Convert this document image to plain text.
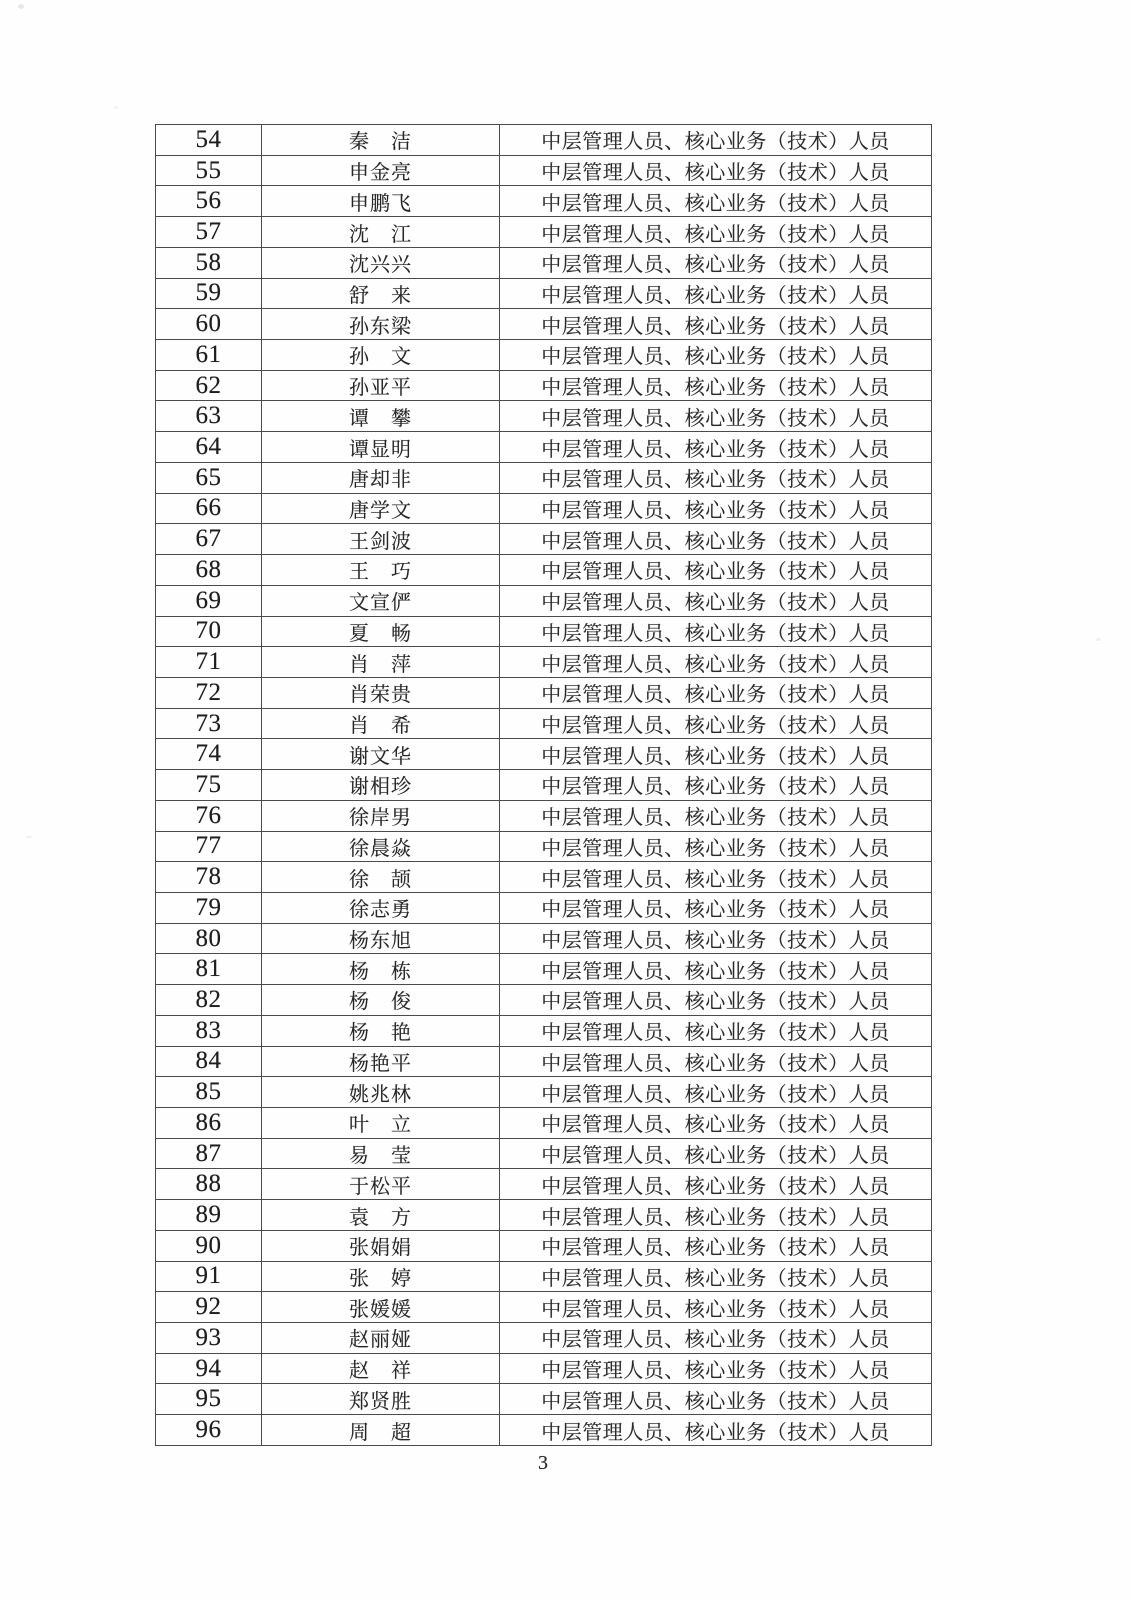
54	秦　洁	中层管理人员、核心业务（技术）人员
55	申金亮	中层管理人员、核心业务（技术）人员
56	申鹏飞	中层管理人员、核心业务（技术）人员
57	沈　江	中层管理人员、核心业务（技术）人员
58	沈兴兴	中层管理人员、核心业务（技术）人员
59	舒　来	中层管理人员、核心业务（技术）人员
60	孙东梁	中层管理人员、核心业务（技术）人员
61	孙　文	中层管理人员、核心业务（技术）人员
62	孙亚平	中层管理人员、核心业务（技术）人员
63	谭　攀	中层管理人员、核心业务（技术）人员
64	谭显明	中层管理人员、核心业务（技术）人员
65	唐却非	中层管理人员、核心业务（技术）人员
66	唐学文	中层管理人员、核心业务（技术）人员
67	王剑波	中层管理人员、核心业务（技术）人员
68	王　巧	中层管理人员、核心业务（技术）人员
69	文宣俨	中层管理人员、核心业务（技术）人员
70	夏　畅	中层管理人员、核心业务（技术）人员
71	肖　萍	中层管理人员、核心业务（技术）人员
72	肖荣贵	中层管理人员、核心业务（技术）人员
73	肖　希	中层管理人员、核心业务（技术）人员
74	谢文华	中层管理人员、核心业务（技术）人员
75	谢相珍	中层管理人员、核心业务（技术）人员
76	徐岸男	中层管理人员、核心业务（技术）人员
77	徐晨焱	中层管理人员、核心业务（技术）人员
78	徐　颉	中层管理人员、核心业务（技术）人员
79	徐志勇	中层管理人员、核心业务（技术）人员
80	杨东旭	中层管理人员、核心业务（技术）人员
81	杨　栋	中层管理人员、核心业务（技术）人员
82	杨　俊	中层管理人员、核心业务（技术）人员
83	杨　艳	中层管理人员、核心业务（技术）人员
84	杨艳平	中层管理人员、核心业务（技术）人员
85	姚兆林	中层管理人员、核心业务（技术）人员
86	叶　立	中层管理人员、核心业务（技术）人员
87	易　莹	中层管理人员、核心业务（技术）人员
88	于松平	中层管理人员、核心业务（技术）人员
89	袁　方	中层管理人员、核心业务（技术）人员
90	张娟娟	中层管理人员、核心业务（技术）人员
91	张　婷	中层管理人员、核心业务（技术）人员
92	张媛媛	中层管理人员、核心业务（技术）人员
93	赵丽娅	中层管理人员、核心业务（技术）人员
94	赵　祥	中层管理人员、核心业务（技术）人员
95	郑贤胜	中层管理人员、核心业务（技术）人员
96	周　超	中层管理人员、核心业务（技术）人员
3
